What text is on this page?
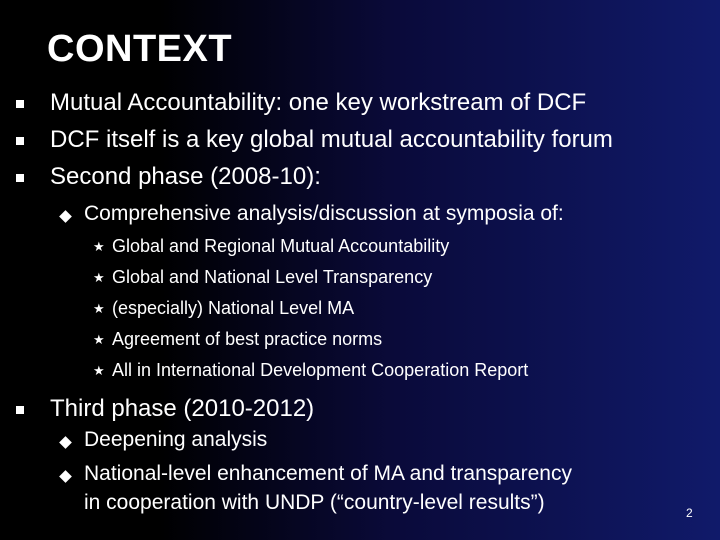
CONTEXT
Mutual Accountability: one key workstream of DCF
DCF itself is a key global mutual accountability forum
Second phase (2008-10):
Comprehensive analysis/discussion at symposia of:
★ Global and Regional Mutual Accountability
★ Global and National Level Transparency
★ (especially) National Level MA
★ Agreement of best practice norms
★ All in International Development Cooperation Report
Third phase (2010-2012)
Deepening analysis
National-level enhancement of MA and transparency
in cooperation with UNDP (“country-level results”)	2
